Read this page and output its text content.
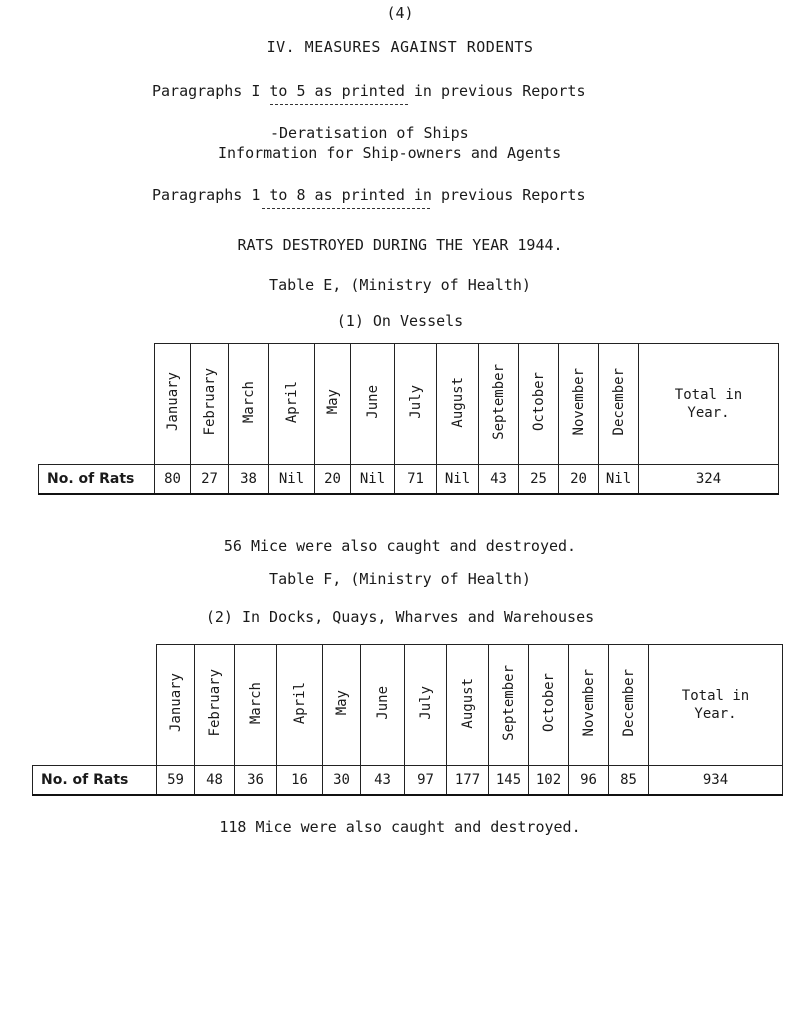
(4)
IV. MEASURES AGAINST RODENTS
Paragraphs I to 5 as printed in previous Reports
-Deratisation of Ships
Information for Ship-owners and Agents
Paragraphs 1 to 8 as printed in previous Reports
RATS DESTROYED DURING THE YEAR 1944.
Table E, (Ministry of Health)
(1) On Vessels
	January	February	March	April	May	June	July	August	September	October	November	December	Total in
Year.
No. of Rats	80	27	38	Nil	20	Nil	71	Nil	43	25	20	Nil	324
56 Mice were also caught and destroyed.
Table F, (Ministry of Health)
(2) In Docks, Quays, Wharves and Warehouses
	January	February	March	April	May	June	July	August	September	October	November	December	Total in
Year.
No. of Rats	59	48	36	16	30	43	97	177	145	102	96	85	934
118 Mice were also caught and destroyed.
